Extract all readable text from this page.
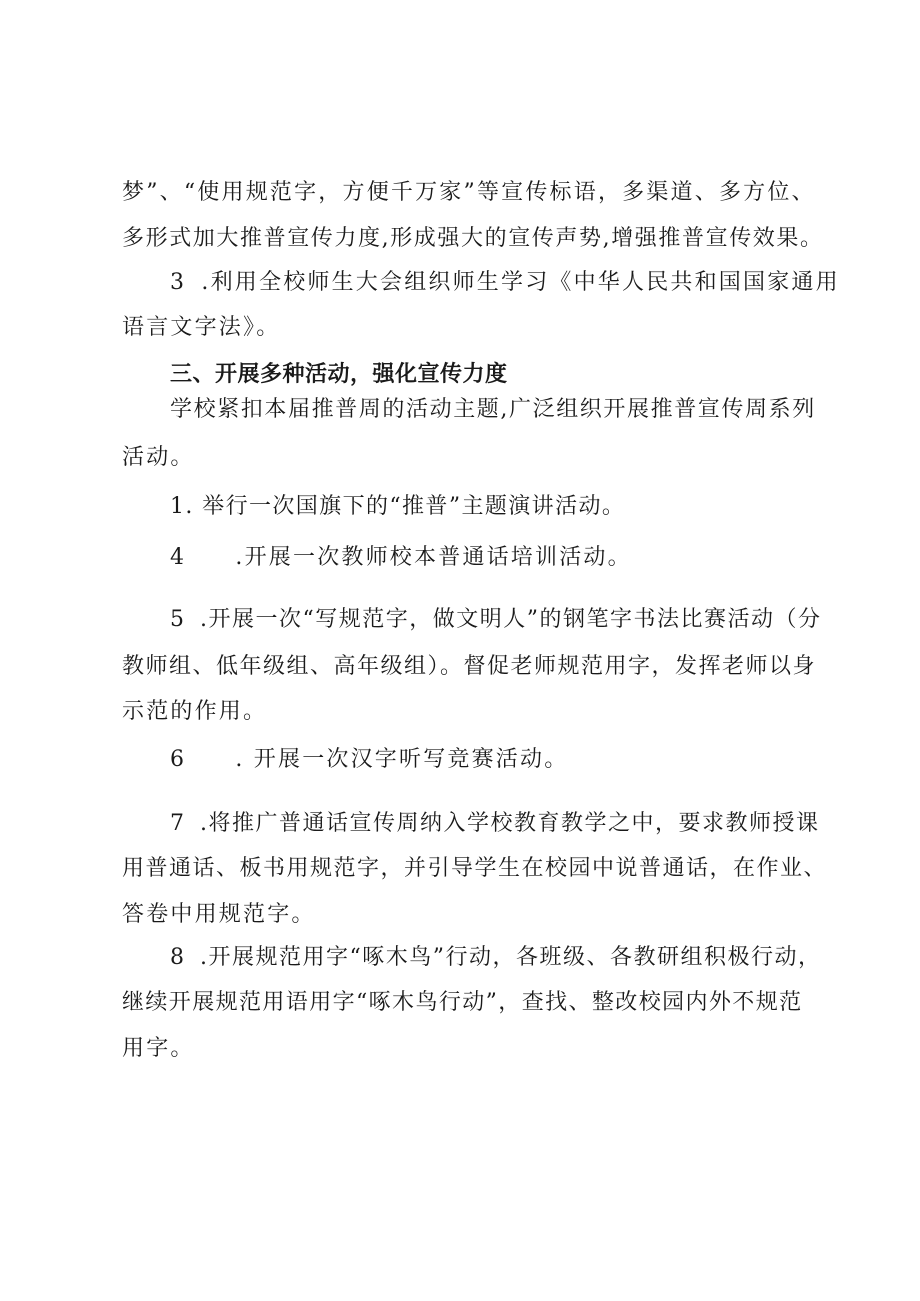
梦”、“使用规范字，方便千万家”等宣传标语，多渠道、多方位、
多形式加大推普宣传力度,形成强大的宣传声势,增强推普宣传效果。
3 .利用全校师生大会组织师生学习《中华人民共和国国家通用
语言文字法》。
三、开展多种活动，强化宣传力度
学校紧扣本届推普周的活动主题,广泛组织开展推普宣传周系列
活动。
1. 举行一次国旗下的“推普”主题演讲活动。
4 .开展一次教师校本普通话培训活动。
5 .开展一次“写规范字，做文明人”的钢笔字书法比赛活动（分
教师组、低年级组、高年级组）。督促老师规范用字，发挥老师以身
示范的作用。
6 . 开展一次汉字听写竞赛活动。
7 .将推广普通话宣传周纳入学校教育教学之中，要求教师授课
用普通话、板书用规范字，并引导学生在校园中说普通话，在作业、
答卷中用规范字。
8 .开展规范用字“啄木鸟”行动，各班级、各教研组积极行动，
继续开展规范用语用字“啄木鸟行动”，查找、整改校园内外不规范
用字。
